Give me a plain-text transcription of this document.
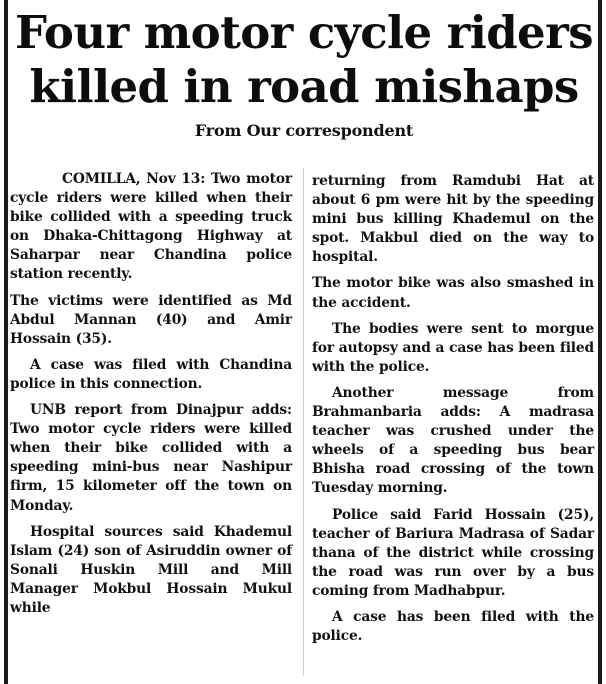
Four motor cycle riders
killed in road mishaps
From Our correspondent

COMILLA, Nov 13: Two motor cycle riders were killed when their bike collided with a speeding truck on Dhaka-Chittagong Highway at Saharpar near Chandina police station recently.

The victims were identified as Md Abdul Mannan (40) and Amir Hossain (35).

A case was filed with Chandina police in this connection.

UNB report from Dinajpur adds: Two motor cycle riders were killed when their bike collided with a speeding mini-bus near Nashipur firm, 15 kilometer off the town on Monday.

Hospital sources said Khademul Islam (24) son of Asiruddin owner of Sonali Huskin Mill and Mill Manager Mokbul Hossain Mukul while

returning from Ramdubi Hat at about 6 pm were hit by the speeding mini bus killing Khademul on the spot. Makbul died on the way to hospital.

The motor bike was also smashed in the accident.

The bodies were sent to morgue for autopsy and a case has been filed with the police.

Another message from Brahmanbaria adds: A madrasa teacher was crushed under the wheels of a speeding bus bear Bhisha road crossing of the town Tuesday morning.

Police said Farid Hossain (25), teacher of Bariura Madrasa of Sadar thana of the district while crossing the road was run over by a bus coming from Madhabpur.

A case has been filed with the police.
